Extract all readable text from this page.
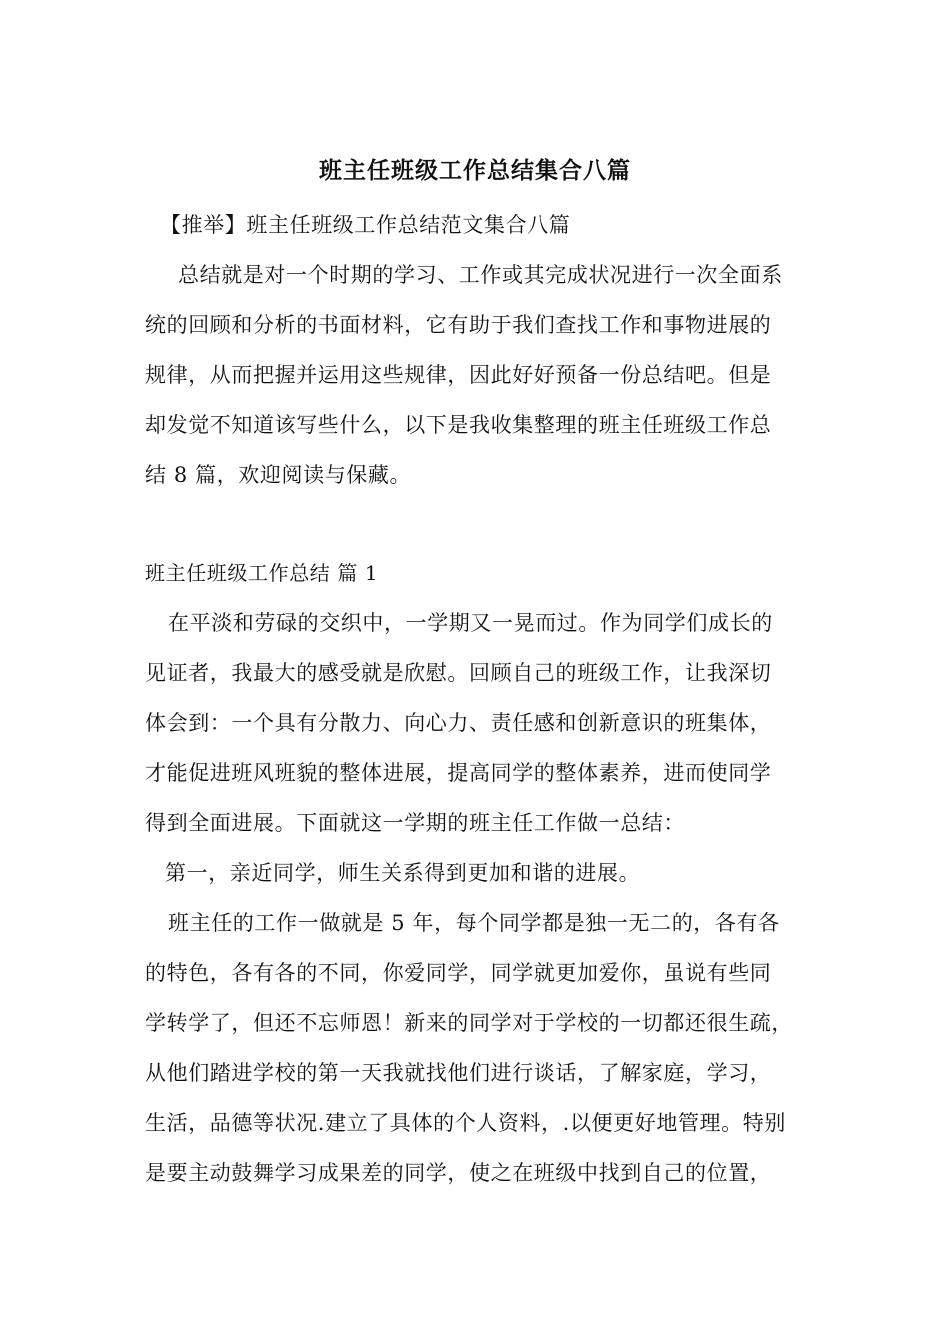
班主任班级工作总结集合八篇
【推举】班主任班级工作总结范文集合八篇
总结就是对一个时期的学习、工作或其完成状况进行一次全面系
统的回顾和分析的书面材料，它有助于我们查找工作和事物进展的
规律，从而把握并运用这些规律，因此好好预备一份总结吧。但是
却发觉不知道该写些什么，以下是我收集整理的班主任班级工作总
结 8 篇，欢迎阅读与保藏。
班主任班级工作总结 篇 1
在平淡和劳碌的交织中，一学期又一晃而过。作为同学们成长的
见证者，我最大的感受就是欣慰。回顾自己的班级工作，让我深切
体会到：一个具有分散力、向心力、责任感和创新意识的班集体，
才能促进班风班貌的整体进展，提高同学的整体素养，进而使同学
得到全面进展。下面就这一学期的班主任工作做一总结：
第一，亲近同学，师生关系得到更加和谐的进展。
班主任的工作一做就是 5 年，每个同学都是独一无二的，各有各
的特色，各有各的不同，你爱同学，同学就更加爱你，虽说有些同
学转学了，但还不忘师恩！新来的同学对于学校的一切都还很生疏，
从他们踏进学校的第一天我就找他们进行谈话，了解家庭，学习，
生活，品德等状况.建立了具体的个人资料，.以便更好地管理。特别
是要主动鼓舞学习成果差的同学，使之在班级中找到自己的位置，
